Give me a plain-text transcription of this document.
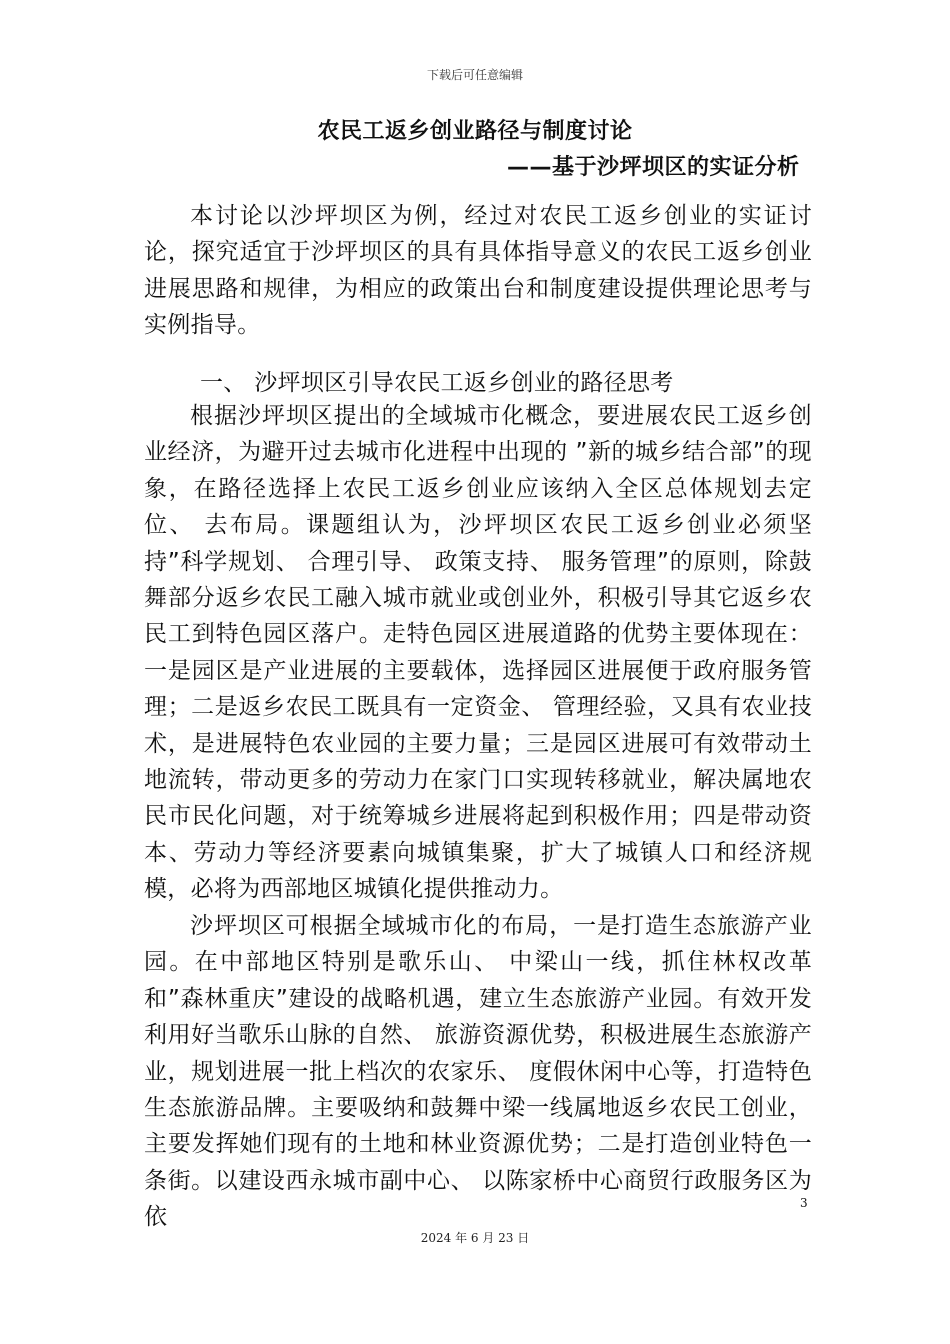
下载后可任意编辑
农民工返乡创业路径与制度讨论
——基于沙坪坝区的实证分析

本讨论以沙坪坝区为例，经过对农民工返乡创业的实证讨论，探究适宜于沙坪坝区的具有具体指导意义的农民工返乡创业进展思路和规律，为相应的政策出台和制度建设提供理论思考与实例指导。

一、 沙坪坝区引导农民工返乡创业的路径思考

根据沙坪坝区提出的全域城市化概念，要进展农民工返乡创业经济，为避开过去城市化进程中出现的 ”新的城乡结合部”的现象，在路径选择上农民工返乡创业应该纳入全区总体规划去定位、 去布局。课题组认为，沙坪坝区农民工返乡创业必须坚持”科学规划、 合理引导、 政策支持、 服务管理”的原则，除鼓舞部分返乡农民工融入城市就业或创业外，积极引导其它返乡农民工到特色园区落户。走特色园区进展道路的优势主要体现在：一是园区是产业进展的主要载体，选择园区进展便于政府服务管理；二是返乡农民工既具有一定资金、 管理经验，又具有农业技术，是进展特色农业园的主要力量；三是园区进展可有效带动土地流转，带动更多的劳动力在家门口实现转移就业，解决属地农民市民化问题，对于统筹城乡进展将起到积极作用；四是带动资本、劳动力等经济要素向城镇集聚，扩大了城镇人口和经济规模，必将为西部地区城镇化提供推动力。

沙坪坝区可根据全域城市化的布局，一是打造生态旅游产业园。在中部地区特别是歌乐山、 中梁山一线，抓住林权改革和”森林重庆”建设的战略机遇，建立生态旅游产业园。有效开发利用好当歌乐山脉的自然、 旅游资源优势，积极进展生态旅游产业，规划进展一批上档次的农家乐、 度假休闲中心等，打造特色生态旅游品牌。主要吸纳和鼓舞中梁一线属地返乡农民工创业，主要发挥她们现有的土地和林业资源优势；二是打造创业特色一条街。以建设西永城市副中心、 以陈家桥中心商贸行政服务区为依

3
2024 年 6 月 23 日
